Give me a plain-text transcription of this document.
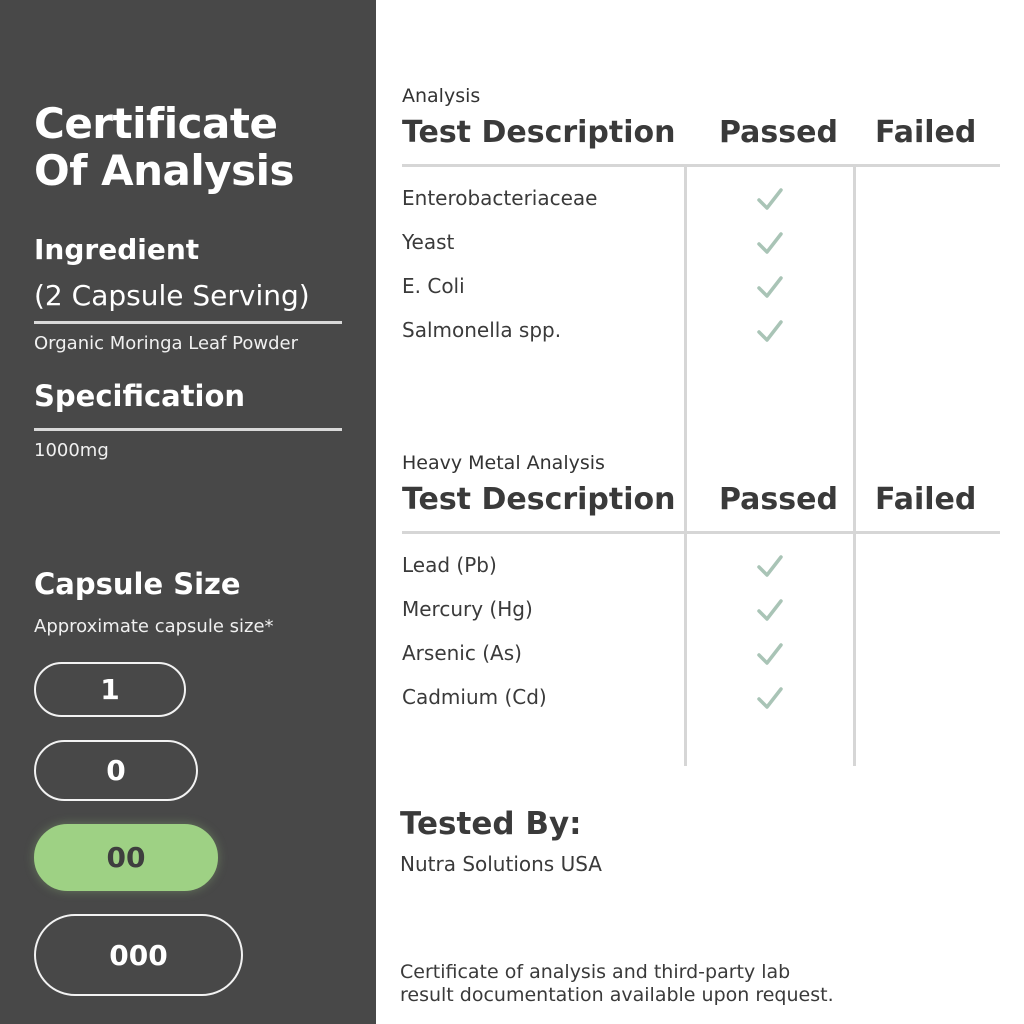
Certificate
Of Analysis
Ingredient
(2 Capsule Serving)
Organic Moringa Leaf Powder
Specification
1000mg
Capsule Size
Approximate capsule size*
1
0
00
000
Analysis
Test Description Passed Failed
Enterobacteriaceae
Yeast
E. Coli
Salmonella spp.
Heavy Metal Analysis
Test Description Passed Failed
Lead (Pb)
Mercury (Hg)
Arsenic (As)
Cadmium (Cd)
Tested By:
Nutra Solutions USA
Certificate of analysis and third-party lab
result documentation available upon request.
